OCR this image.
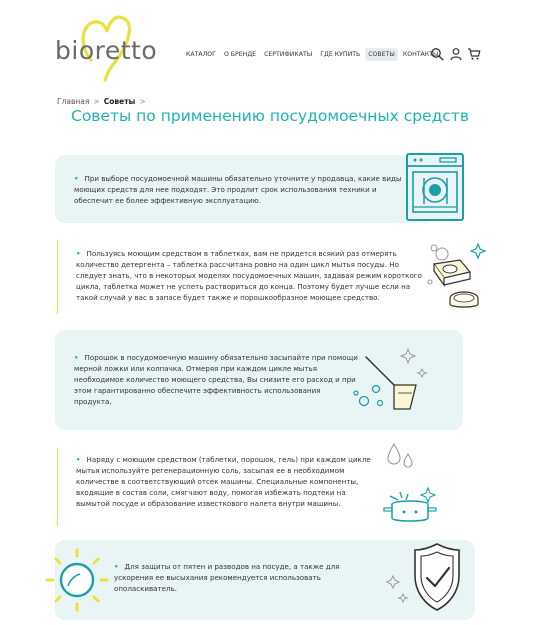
bioretto	КАТАЛОГ	О БРЕНДЕ	СЕРТИФИКАТЫ	ГДЕ КУПИТЬ	СОВЕТЫ	КОНТАКТЫ
Главная > Советы >
Советы по применению посудомоечных средств
• При выборе посудомоечной машины обязательно уточните у продавца, какие виды моющих средств для нее подходят. Это продлит срок использования техники и обеспечит ее более эффективную эксплуатацию.
• Пользуясь моющим средством в таблетках, вам не придется всякий раз отмерять количество детергента – таблетка рассчитана ровно на один цикл мытья посуды. Но следует знать, что в некоторых моделях посудомоечных машин, задавая режим короткого цикла, таблетка может не успеть раствориться до конца. Поэтому будет лучше если на такой случай у вас в запасе будет также и порошкообразное моющее средство.
• Порошок в посудомоечную машину обязательно засыпайте при помощи мерной ложки или колпачка. Отмеряя при каждом цикле мытья необходимое количество моющего средства, Вы снизите его расход и при этом гарантированно обеспечите эффективность использования продукта.
• Наряду с моющим средством (таблетки, порошок, гель) при каждом цикле мытья используйте регенерационную соль, засыпая ее в необходимом количестве в соответствующий отсек машины. Специальные компоненты, входящие в состав соли, смягчают воду, помогая избежать подтеки на вымытой посуде и образование известкового налета внутри машины.
• Для защиты от пятен и разводов на посуде, а также для ускорения ее высыхания рекомендуется использовать ополаскиватель.
